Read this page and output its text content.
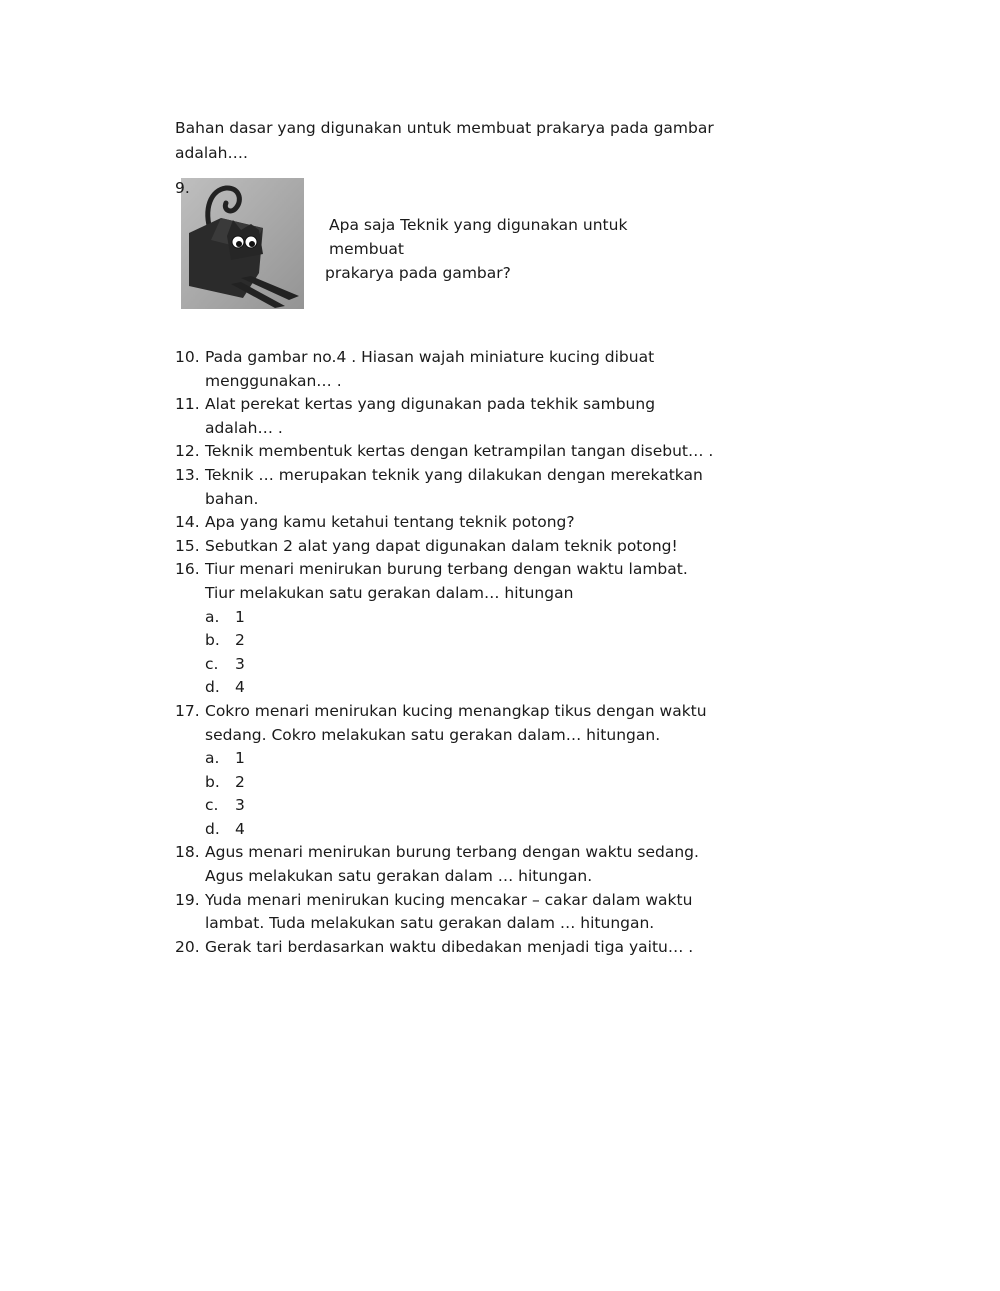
Bahan dasar yang digunakan untuk membuat prakarya pada gambar
adalah….
9.
Apa saja Teknik yang digunakan untuk membuat
prakarya pada gambar?
10. Pada gambar no.4 . Hiasan wajah miniature kucing dibuat
menggunakan… .
11. Alat perekat kertas yang digunakan pada tekhik sambung
adalah… .
12. Teknik membentuk kertas dengan ketrampilan tangan disebut… .
13. Teknik … merupakan teknik yang dilakukan dengan merekatkan
bahan.
14. Apa yang kamu ketahui tentang teknik potong?
15. Sebutkan 2 alat yang dapat digunakan dalam teknik potong!
16. Tiur menari menirukan burung terbang dengan waktu lambat.
Tiur melakukan satu gerakan dalam… hitungan
a. 1
b. 2
c. 3
d. 4
17. Cokro menari menirukan kucing menangkap tikus dengan waktu
sedang. Cokro melakukan satu gerakan dalam… hitungan.
a. 1
b. 2
c. 3
d. 4
18. Agus menari menirukan burung terbang dengan waktu sedang.
Agus melakukan satu gerakan dalam … hitungan.
19. Yuda menari menirukan kucing mencakar – cakar dalam waktu
lambat. Tuda melakukan satu gerakan dalam … hitungan.
20. Gerak tari berdasarkan waktu dibedakan menjadi tiga yaitu… .
